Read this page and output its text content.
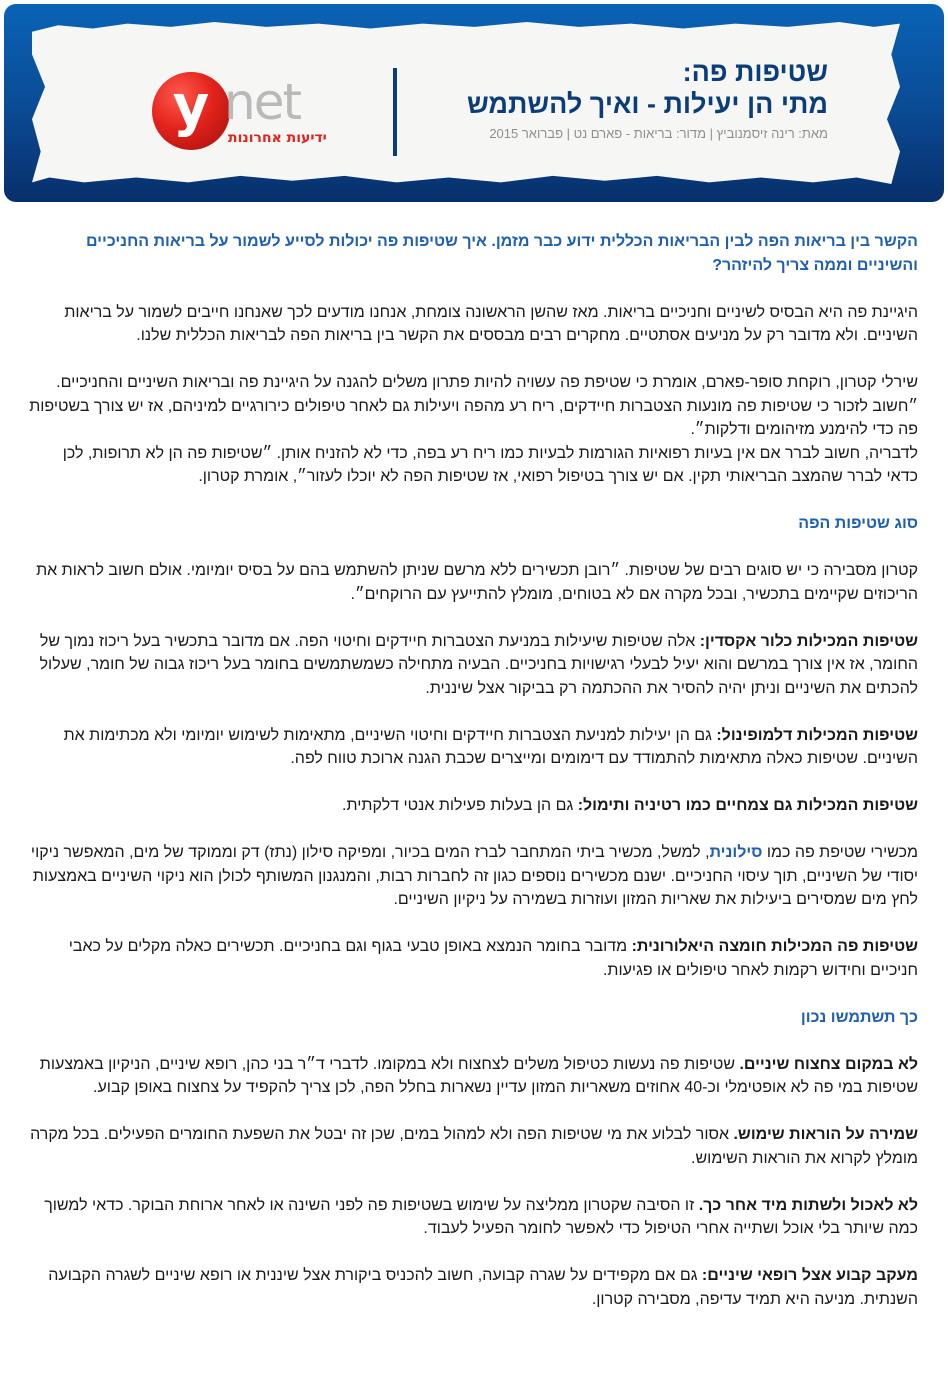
y net
ידיעות אחרונות
שטיפות פה:
מתי הן יעילות - ואיך להשתמש
מאת: רינה זיסמנוביץ | מדור: בריאות - פארם נט | פברואר 2015

הקשר בין בריאות הפה לבין הבריאות הכללית ידוע כבר מזמן. איך שטיפות פה יכולות לסייע לשמור על בריאות החניכיים והשיניים וממה צריך להיזהר?

היגיינת פה היא הבסיס לשיניים וחניכיים בריאות. מאז שהשן הראשונה צומחת, אנחנו מודעים לכך שאנחנו חייבים לשמור על בריאות השיניים. ולא מדובר רק על מניעים אסתטיים. מחקרים רבים מבססים את הקשר בין בריאות הפה לבריאות הכללית שלנו.

שירלי קטרון, רוקחת סופר-פארם, אומרת כי שטיפת פה עשויה להיות פתרון משלים להגנה על היגיינת פה ובריאות השיניים והחניכיים. ״חשוב לזכור כי שטיפות פה מונעות הצטברות חיידקים, ריח רע מהפה ויעילות גם לאחר טיפולים כירורגיים למיניהם, אז יש צורך בשטיפות פה כדי להימנע מזיהומים ודלקות״.

לדבריה, חשוב לברר אם אין בעיות רפואיות הגורמות לבעיות כמו ריח רע בפה, כדי לא להזניח אותן. ״שטיפות פה הן לא תרופות, לכן כדאי לברר שהמצב הבריאותי תקין. אם יש צורך בטיפול רפואי, אז שטיפות הפה לא יוכלו לעזור״, אומרת קטרון.

סוג שטיפות הפה

קטרון מסבירה כי יש סוגים רבים של שטיפות. ״רובן תכשירים ללא מרשם שניתן להשתמש בהם על בסיס יומיומי. אולם חשוב לראות את הריכוזים שקיימים בתכשיר, ובכל מקרה אם לא בטוחים, מומלץ להתייעץ עם הרוקחים״.

שטיפות המכילות כלור אקסדין: אלה שטיפות שיעילות במניעת הצטברות חיידקים וחיטוי הפה. אם מדובר בתכשיר בעל ריכוז נמוך של החומר, אז אין צורך במרשם והוא יעיל לבעלי רגישויות בחניכיים. הבעיה מתחילה כשמשתמשים בחומר בעל ריכוז גבוה של חומר, שעלול להכתים את השיניים וניתן יהיה להסיר את ההכתמה רק בביקור אצל שיננית.

שטיפות המכילות דלמופינול: גם הן יעילות למניעת הצטברות חיידקים וחיטוי השיניים, מתאימות לשימוש יומיומי ולא מכתימות את השיניים. שטיפות כאלה מתאימות להתמודד עם דימומים ומייצרים שכבת הגנה ארוכת טווח לפה.

שטיפות המכילות גם צמחיים כמו רטיניה ותימול: גם הן בעלות פעילות אנטי דלקתית.

מכשירי שטיפת פה כמו סילונית, למשל, מכשיר ביתי המתחבר לברז המים בכיור, ומפיקה סילון (נתז) דק וממוקד של מים, המאפשר ניקוי יסודי של השיניים, תוך עיסוי החניכיים. ישנם מכשירים נוספים כגון זה לחברות רבות, והמנגנון המשותף לכולן הוא ניקוי השיניים באמצעות לחץ מים שמסירים ביעילות את שאריות המזון ועוזרות בשמירה על ניקיון השיניים.

שטיפות פה המכילות חומצה היאלורונית: מדובר בחומר הנמצא באופן טבעי בגוף וגם בחניכיים. תכשירים כאלה מקלים על כאבי חניכיים וחידוש רקמות לאחר טיפולים או פגיעות.

כך תשתמשו נכון

לא במקום צחצוח שיניים. שטיפות פה נעשות כטיפול משלים לצחצוח ולא במקומו. לדברי ד״ר בני כהן, רופא שיניים, הניקיון באמצעות שטיפות במי פה לא אופטימלי וכ-40 אחוזים משאריות המזון עדיין נשארות בחלל הפה, לכן צריך להקפיד על צחצוח באופן קבוע.

שמירה על הוראות שימוש. אסור לבלוע את מי שטיפות הפה ולא למהול במים, שכן זה יבטל את השפעת החומרים הפעילים. בכל מקרה מומלץ לקרוא את הוראות השימוש.

לא לאכול ולשתות מיד אחר כך. זו הסיבה שקטרון ממליצה על שימוש בשטיפות פה לפני השינה או לאחר ארוחת הבוקר. כדאי למשוך כמה שיותר בלי אוכל ושתייה אחרי הטיפול כדי לאפשר לחומר הפעיל לעבוד.

מעקב קבוע אצל רופאי שיניים: גם אם מקפידים על שגרה קבועה, חשוב להכניס ביקורת אצל שיננית או רופא שיניים לשגרה הקבועה השנתית. מניעה היא תמיד עדיפה, מסבירה קטרון.
